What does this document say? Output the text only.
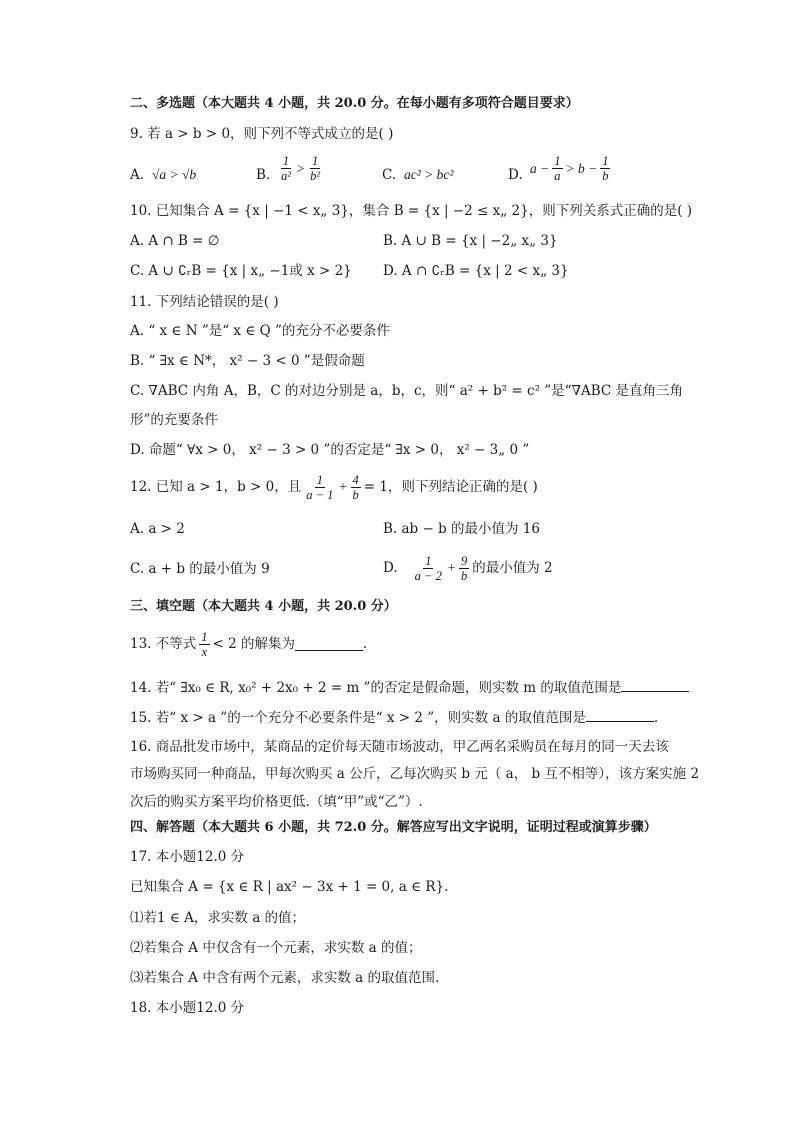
二、多选题（本大题共 4 小题，共 20.0 分。在每小题有多项符合题目要求）
9. 若 a > b > 0，则下列不等式成立的是( )
A. √a > √b	B. $\frac{1}{\text{a²}} > \frac{1}{\text{b²}}$	C. ac² > bc²	D. $a - \frac{1}{a} > b - \frac{1}{b}$
10. 已知集合 A = {x | −1 < x„ 3}，集合 B = {x | −2 ≤ x„ 2}，则下列关系式正确的是( )
A. A ∩ B = ∅	B. A ∪ B = {x | −2„ x„ 3}
C. A ∪ ∁ᵣB = {x | x„ −1或 x > 2} D. A ∩ ∁ᵣB = {x | 2 < x„ 3}
11. 下列结论错误的是( )
A. “ x ∈ N ”是“ x ∈ Q ”的充分不必要条件
B. “ ∃x ∈ N*， x² − 3 < 0 ”是假命题
C. ∇ABC 内角 A，B，C 的对边分别是 a，b，c，则“ a² + b² = c² ”是“∇ABC 是直角三角
形”的充要条件
D. 命题“ ∀x > 0， x² − 3 > 0 ”的否定是“ ∃x > 0， x² − 3„ 0 ”
12. 已知 a > 1，b > 0，且 $\frac{1}{a - 1} + \frac{4}{b} = 1$，则下列结论正确的是( )
A. a > 2	B. ab − b 的最小值为 16
C. a + b 的最小值为 9	D. $\frac{1}{a - 2} + \frac{9}{b}$ 的最小值为 2
三、填空题（本大题共 4 小题，共 20.0 分）
13. 不等式 $\frac{1}{x} < 2$ 的解集为	.
14. 若“ ∃x₀ ∈ R, x₀² + 2x₀ + 2 = m ”的否定是假命题，则实数 m 的取值范围是
15. 若“ x > a ”的一个充分不必要条件是“ x > 2 ”，则实数 a 的取值范围是	.
16. 商品批发市场中，某商品的定价每天随市场波动，甲乙两名采购员在每月的同一天去该
市场购买同一种商品，甲每次购买 a 公斤，乙每次购买 b 元（ a， b 互不相等），该方案实施 2
次后的购买方案平均价格更低.（填“甲”或“乙”）.
四、解答题（本大题共 6 小题，共 72.0 分。解答应写出文字说明，证明过程或演算步骤）
17. 本小题12.0 分
已知集合 A = {x ∈ R | ax² − 3x + 1 = 0, a ∈ R}.
⑴若1 ∈ A，求实数 a 的值；
⑵若集合 A 中仅含有一个元素，求实数 a 的值；
⑶若集合 A 中含有两个元素，求实数 a 的取值范围.
18. 本小题12.0 分
